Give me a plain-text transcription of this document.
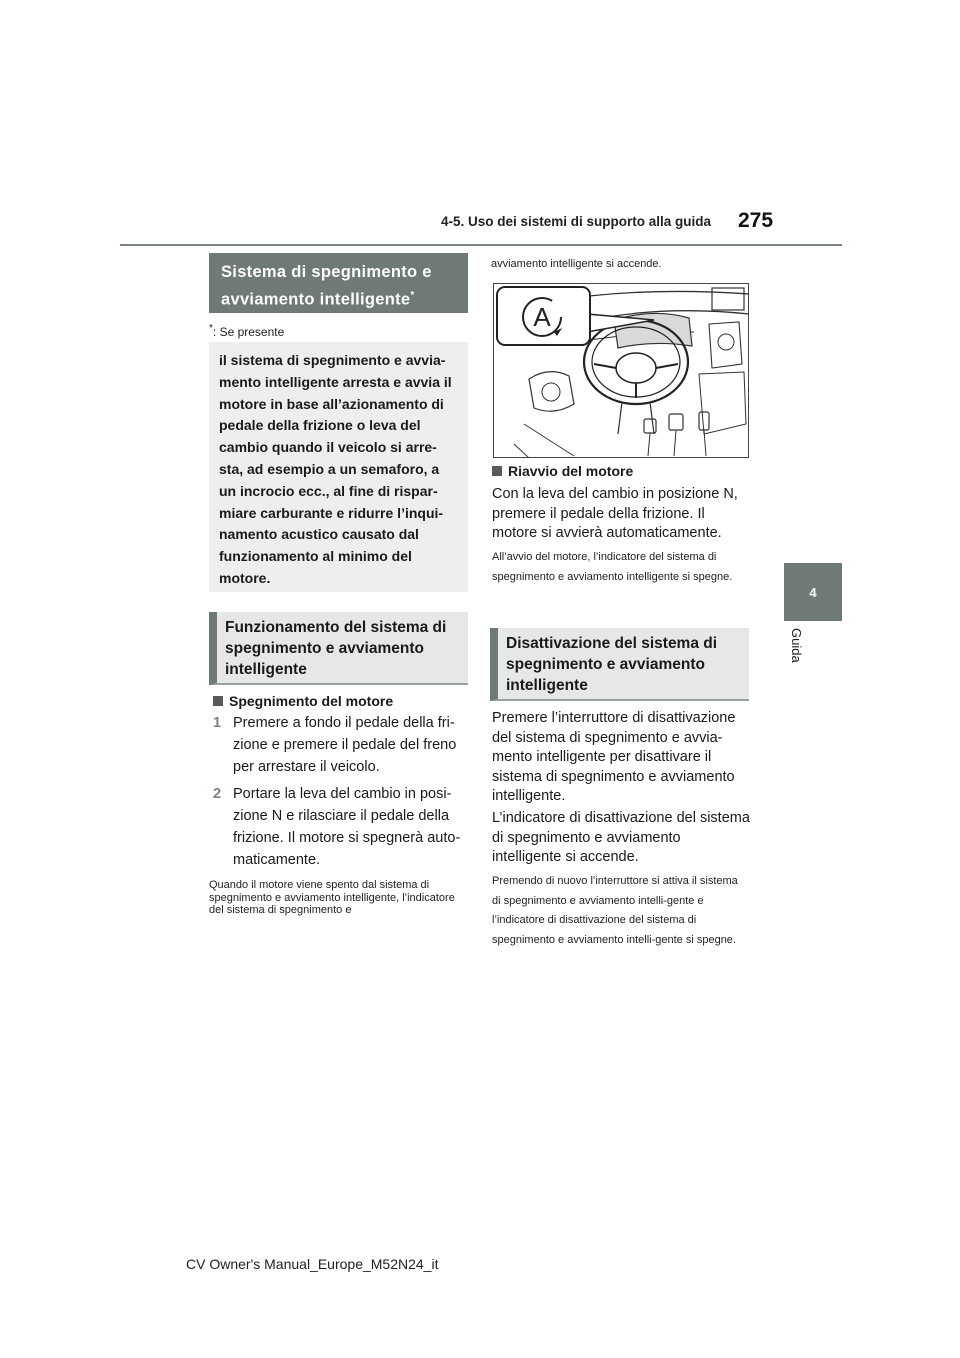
4-5. Uso dei sistemi di supporto alla guida 275
4
Guida
Sistema di spegnimento e avviamento intelligente*
*: Se presente
il sistema di spegnimento e avvia-mento intelligente arresta e avvia il motore in base all’azionamento di pedale della frizione o leva del cambio quando il veicolo si arre-sta, ad esempio a un semaforo, a un incrocio ecc., al fine di rispar-miare carburante e ridurre l’inqui-namento acustico causato dal funzionamento al minimo del motore.
Funzionamento del sistema di spegnimento e avviamento intelligente
Spegnimento del motore
1 Premere a fondo il pedale della fri-zione e premere il pedale del freno per arrestare il veicolo.
2 Portare la leva del cambio in posi-zione N e rilasciare il pedale della frizione. Il motore si spegnerà auto-maticamente.
Quando il motore viene spento dal sistema di spegnimento e avviamento intelligente, l’indicatore del sistema di spegnimento e
avviamento intelligente si accende.
A
Riavvio del motore
Con la leva del cambio in posizione N, premere il pedale della frizione. Il motore si avvierà automaticamente.
All’avvio del motore, l’indicatore del sistema di spegnimento e avviamento intelligente si spegne.
Disattivazione del sistema di spegnimento e avviamento intelligente
Premere l’interruttore di disattivazione del sistema di spegnimento e avvia-mento intelligente per disattivare il sistema di spegnimento e avviamento intelligente.
L’indicatore di disattivazione del sistema di spegnimento e avviamento intelligente si accende.
Premendo di nuovo l’interruttore si attiva il sistema di spegnimento e avviamento intelli-gente e l’indicatore di disattivazione del sistema di spegnimento e avviamento intelli-gente si spegne.
CV Owner's Manual_Europe_M52N24_it
